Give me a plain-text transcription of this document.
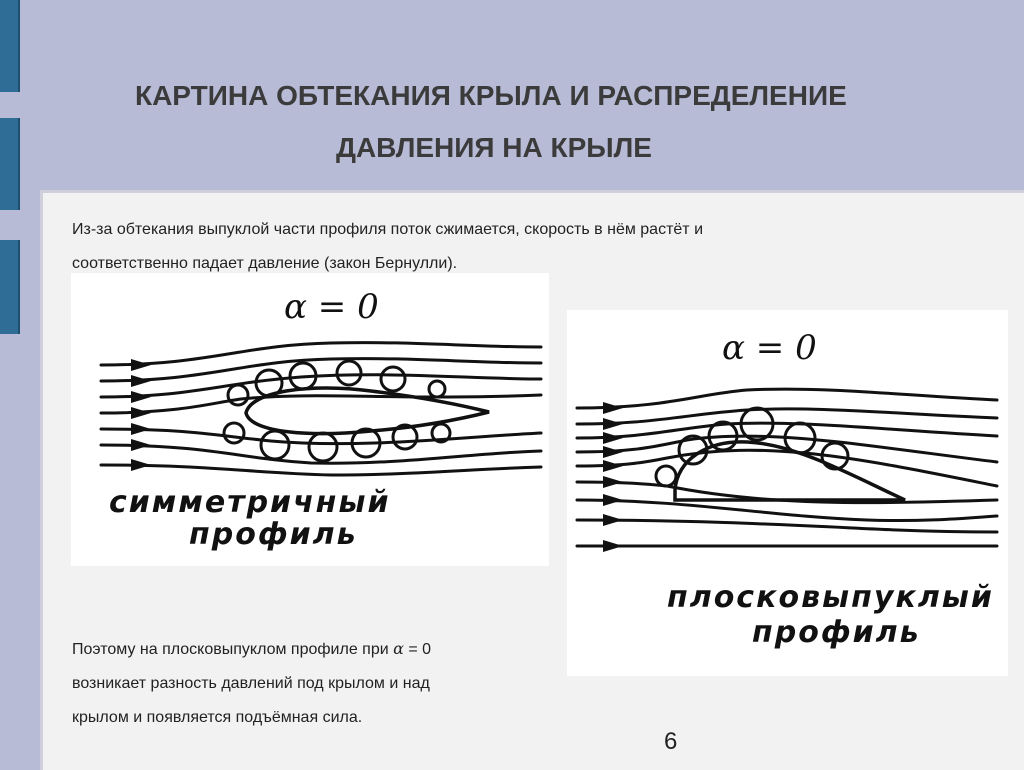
КАРТИНА ОБТЕКАНИЯ КРЫЛА И РАСПРЕДЕЛЕНИЕ
ДАВЛЕНИЯ НА КРЫЛЕ
Из-за обтекания выпуклой части профиля поток сжимается, скорость в нём растёт и
соответственно падает давление (закон Бернулли).
α = 0
симметричный
профиль
α = 0
плосковыпуклый
профиль
Поэтому на плосковыпуклом профиле при α = 0
возникает разность давлений под крылом и над
крылом и появляется подъёмная сила.
6
